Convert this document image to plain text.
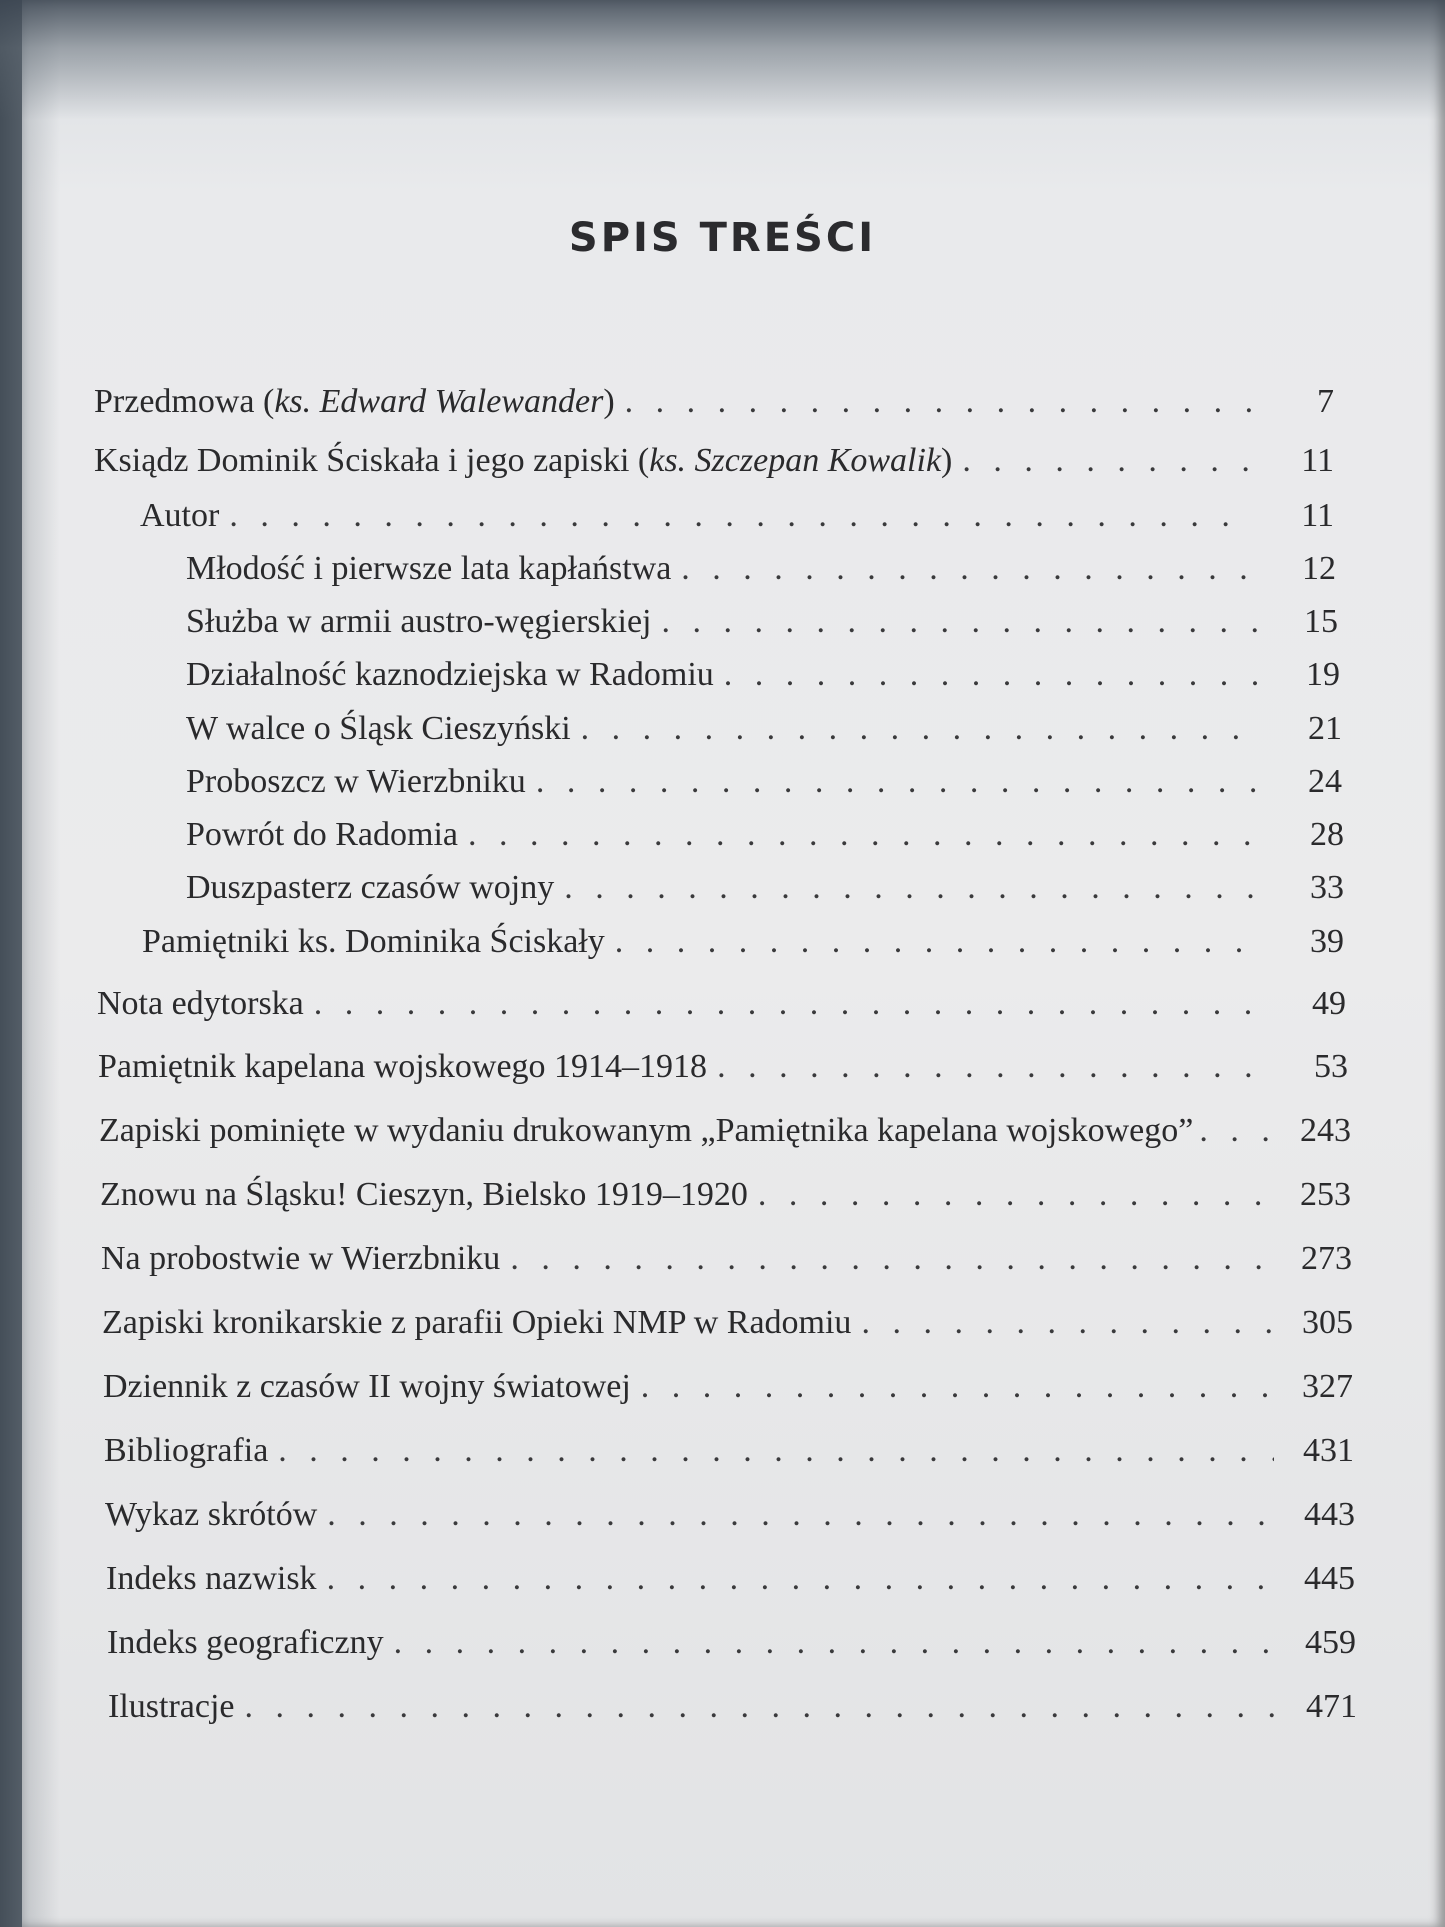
SPIS TREŚCI
Przedmowa (ks. Edward Walewander) . . .	7
Ksiądz Dominik Ściskała i jego zapiski (ks. Szczepan Kowalik) . . .	11
Autor . . .	11
Młodość i pierwsze lata kapłaństwa . . .	12
Służba w armii austro-węgierskiej . . .	15
Działalność kaznodziejska w Radomiu . . .	19
W walce o Śląsk Cieszyński . . .	21
Proboszcz w Wierzbniku . . .	24
Powrót do Radomia . . .	28
Duszpasterz czasów wojny . . .	33
Pamiętniki ks. Dominika Ściskały . . .	39
Nota edytorska . . .	49
Pamiętnik kapelana wojskowego 1914–1918 . . .	53
Zapiski pominięte w wydaniu drukowanym „Pamiętnika kapelana wojskowego” . . .	243
Znowu na Śląsku! Cieszyn, Bielsko 1919–1920 . . .	253
Na probostwie w Wierzbniku . . .	273
Zapiski kronikarskie z parafii Opieki NMP w Radomiu . . .	305
Dziennik z czasów II wojny światowej . . .	327
Bibliografia . . .	431
Wykaz skrótów . . .	443
Indeks nazwisk . . .	445
Indeks geograficzny . . .	459
Ilustracje . . .	471
